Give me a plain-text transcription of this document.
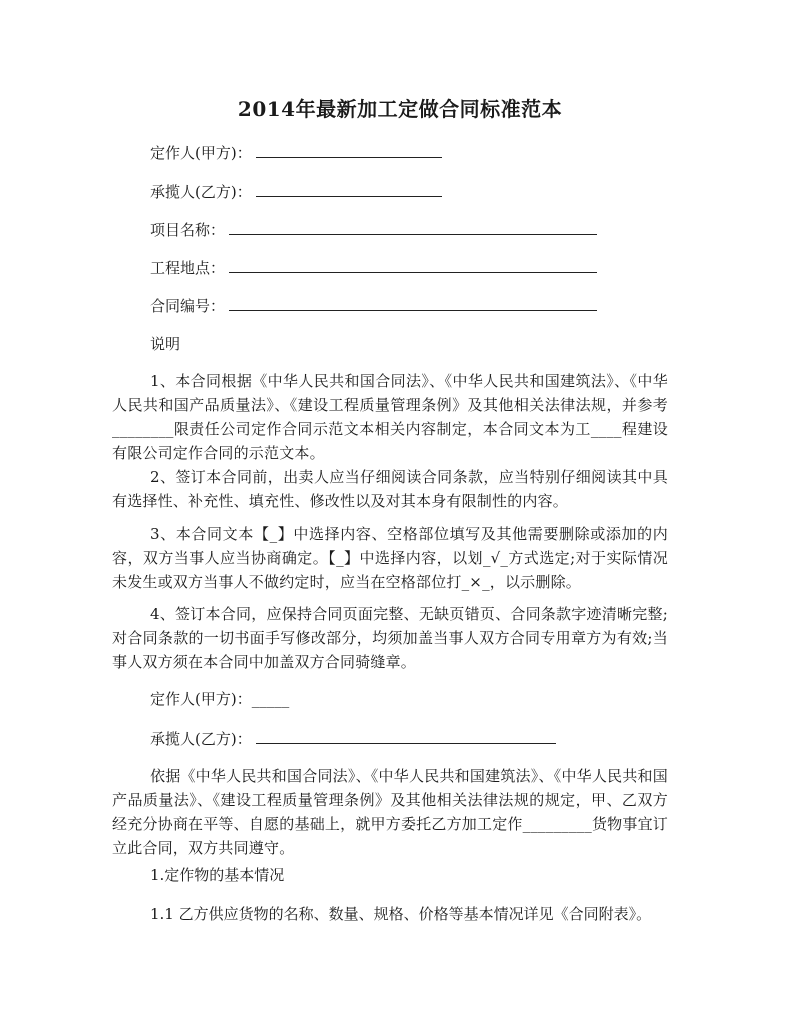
2014年最新加工定做合同标准范本
定作人(甲方)：
承揽人(乙方)：
项目名称：
工程地点：
合同编号：
说明

1、本合同根据《中华人民共和国合同法》、《中华人民共和国建筑法》、《中华人民共和国产品质量法》、《建设工程质量管理条例》及其他相关法律法规，并参考________限责任公司定作合同示范文本相关内容制定，本合同文本为工____程建设有限公司定作合同的示范文本。

2、签订本合同前，出卖人应当仔细阅读合同条款，应当特别仔细阅读其中具有选择性、补充性、填充性、修改性以及对其本身有限制性的内容。

3、本合同文本【_】中选择内容、空格部位填写及其他需要删除或添加的内容，双方当事人应当协商确定。【_】中选择内容，以划_√_方式选定;对于实际情况未发生或双方当事人不做约定时，应当在空格部位打_×_，以示删除。

4、签订本合同，应保持合同页面完整、无缺页错页、合同条款字迹清晰完整;对合同条款的一切书面手写修改部分，均须加盖当事人双方合同专用章方为有效;当事人双方须在本合同中加盖双方合同骑缝章。

定作人(甲方)：_____
承揽人(乙方)：

依据《中华人民共和国合同法》、《中华人民共和国建筑法》、《中华人民共和国产品质量法》、《建设工程质量管理条例》及其他相关法律法规的规定，甲、乙双方经充分协商在平等、自愿的基础上，就甲方委托乙方加工定作_________货物事宜订立此合同，双方共同遵守。

1.定作物的基本情况
1.1 乙方供应货物的名称、数量、规格、价格等基本情况详见《合同附表》。
